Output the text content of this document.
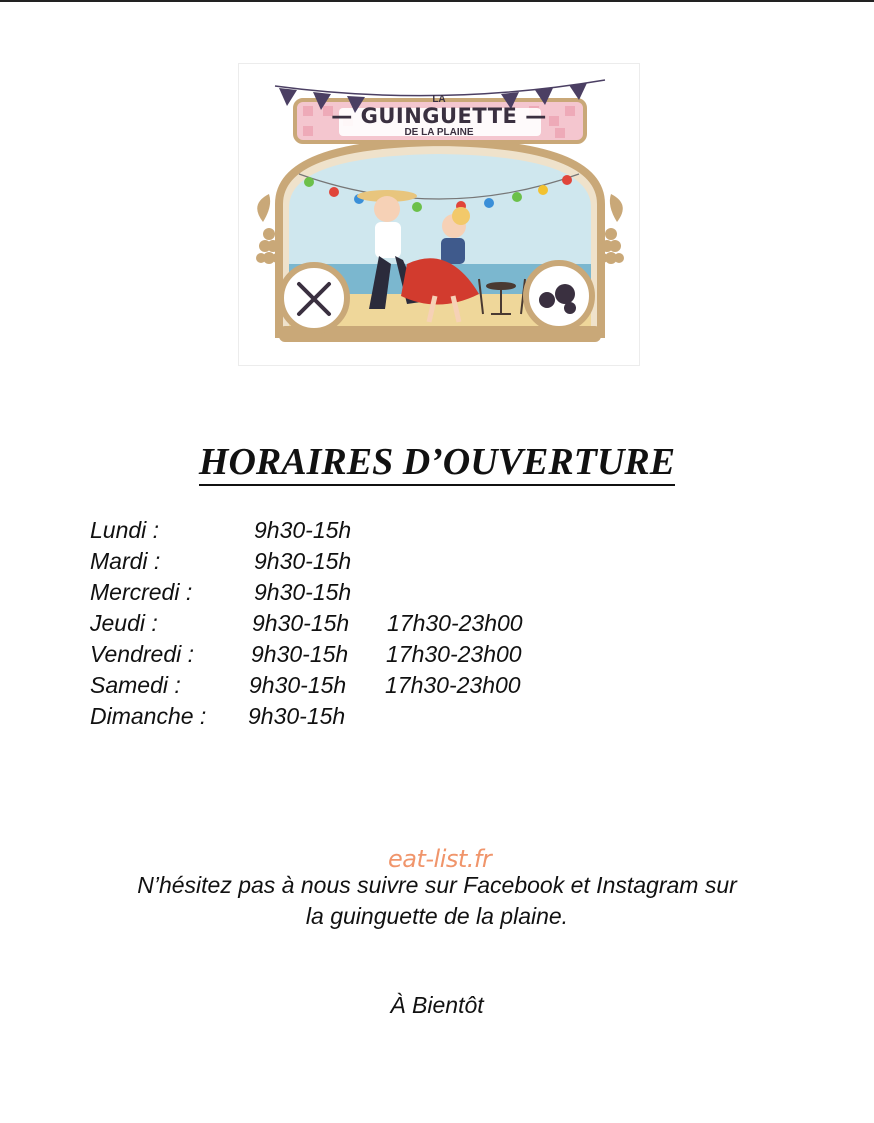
LA
— GUINGUETTE —
DE LA PLAINE
HORAIRES D’OUVERTURE
Lundi :	9h30-15h
Mardi :	9h30-15h
Mercredi :	9h30-15h
Jeudi :	9h30-15h 17h30-23h00
Vendredi : 9h30-15h 17h30-23h00
Samedi :	9h30-15h 17h30-23h00
Dimanche : 9h30-15h
eat-list.fr
N’hésitez pas à nous suivre sur Facebook et Instagram sur
la guinguette de la plaine.
À Bientôt
